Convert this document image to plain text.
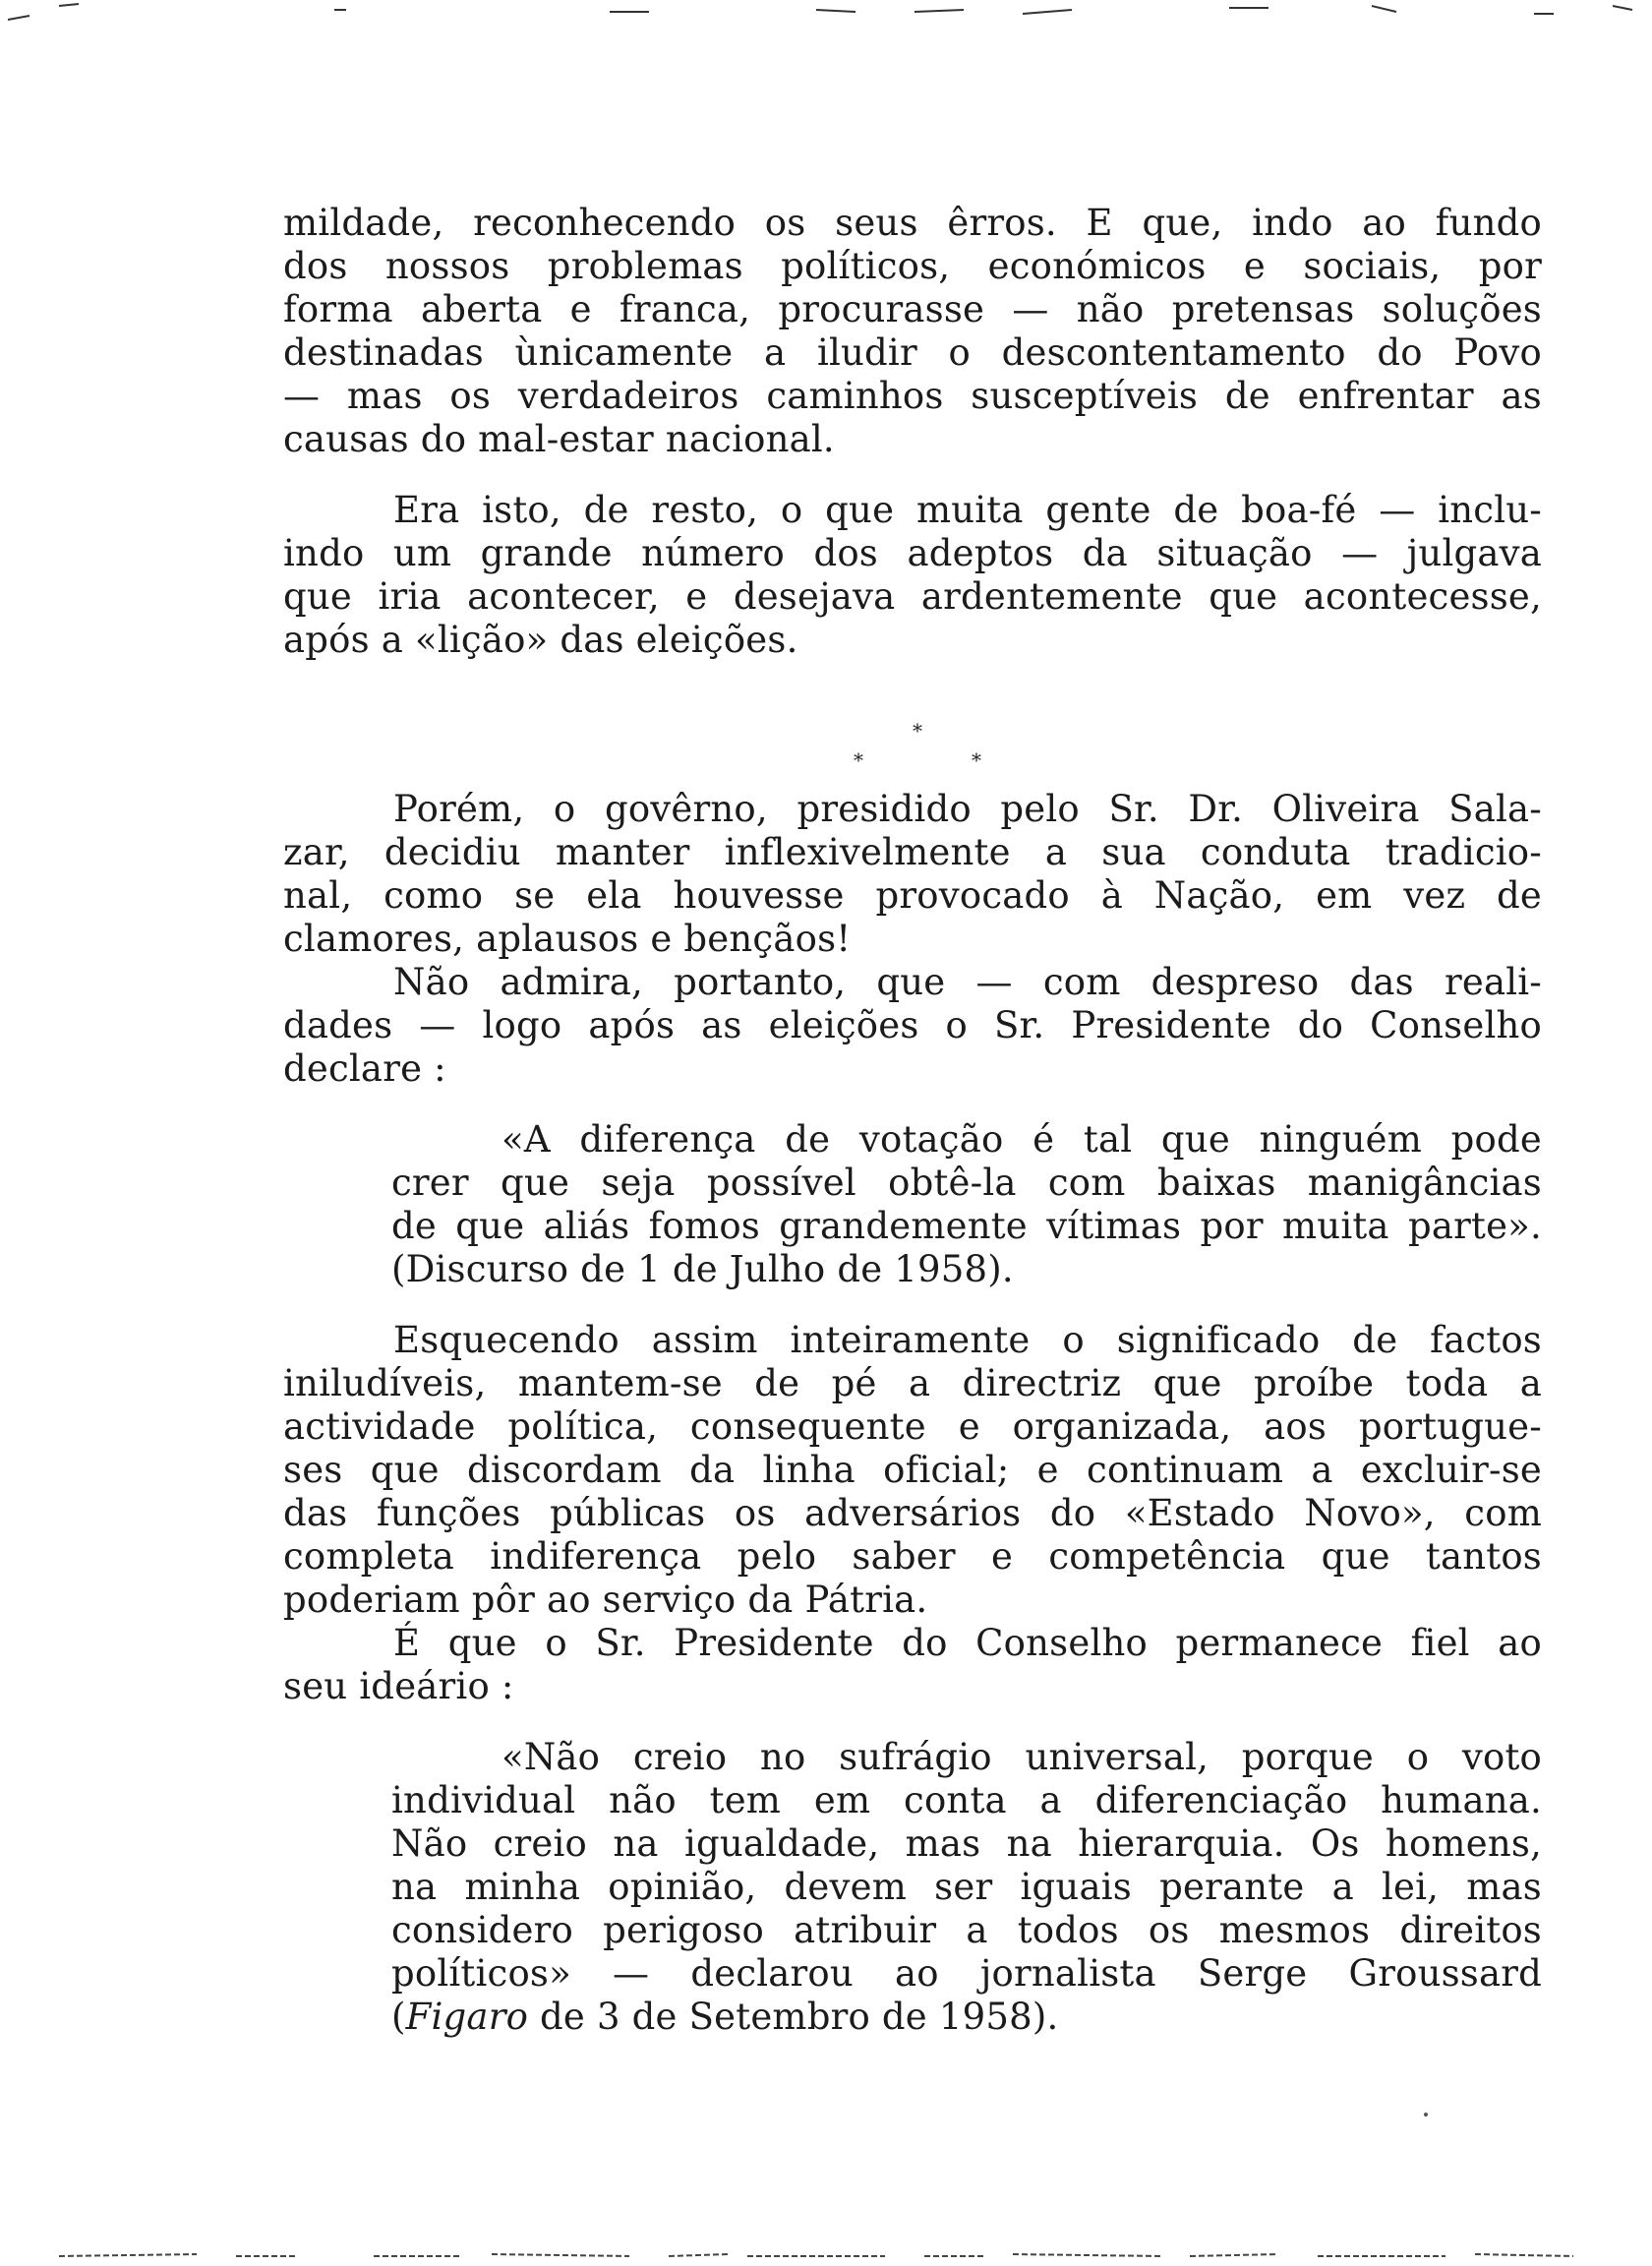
mildade, reconhecendo os seus êrros. E que, indo ao fundo
dos nossos problemas políticos, económicos e sociais, por
forma aberta e franca, procurasse — não pretensas soluções
destinadas ùnicamente a iludir o descontentamento do Povo
— mas os verdadeiros caminhos susceptíveis de enfrentar as
causas do mal-estar nacional.
Era isto, de resto, o que muita gente de boa-fé — inclu-
indo um grande número dos adeptos da situação — julgava
que iria acontecer, e desejava ardentemente que acontecesse,
após a «lição» das eleições.
*
*	*
Porém, o govêrno, presidido pelo Sr. Dr. Oliveira Sala-
zar, decidiu manter inflexivelmente a sua conduta tradicio-
nal, como se ela houvesse provocado à Nação, em vez de
clamores, aplausos e bençãos!
Não admira, portanto, que — com despreso das reali-
dades — logo após as eleições o Sr. Presidente do Conselho
declare :
«A diferença de votação é tal que ninguém pode
crer que seja possível obtê-la com baixas manigâncias
de que aliás fomos grandemente vítimas por muita parte».
(Discurso de 1 de Julho de 1958).
Esquecendo assim inteiramente o significado de factos
iniludíveis, mantem-se de pé a directriz que proíbe toda a
actividade política, consequente e organizada, aos portugue-
ses que discordam da linha oficial; e continuam a excluir-se
das funções públicas os adversários do «Estado Novo», com
completa indiferença pelo saber e competência que tantos
poderiam pôr ao serviço da Pátria.
É que o Sr. Presidente do Conselho permanece fiel ao
seu ideário :
«Não creio no sufrágio universal, porque o voto
individual não tem em conta a diferenciação humana.
Não creio na igualdade, mas na hierarquia. Os homens,
na minha opinião, devem ser iguais perante a lei, mas
considero perigoso atribuir a todos os mesmos direitos
políticos» — declarou ao jornalista Serge Groussard
(Figaro de 3 de Setembro de 1958).
